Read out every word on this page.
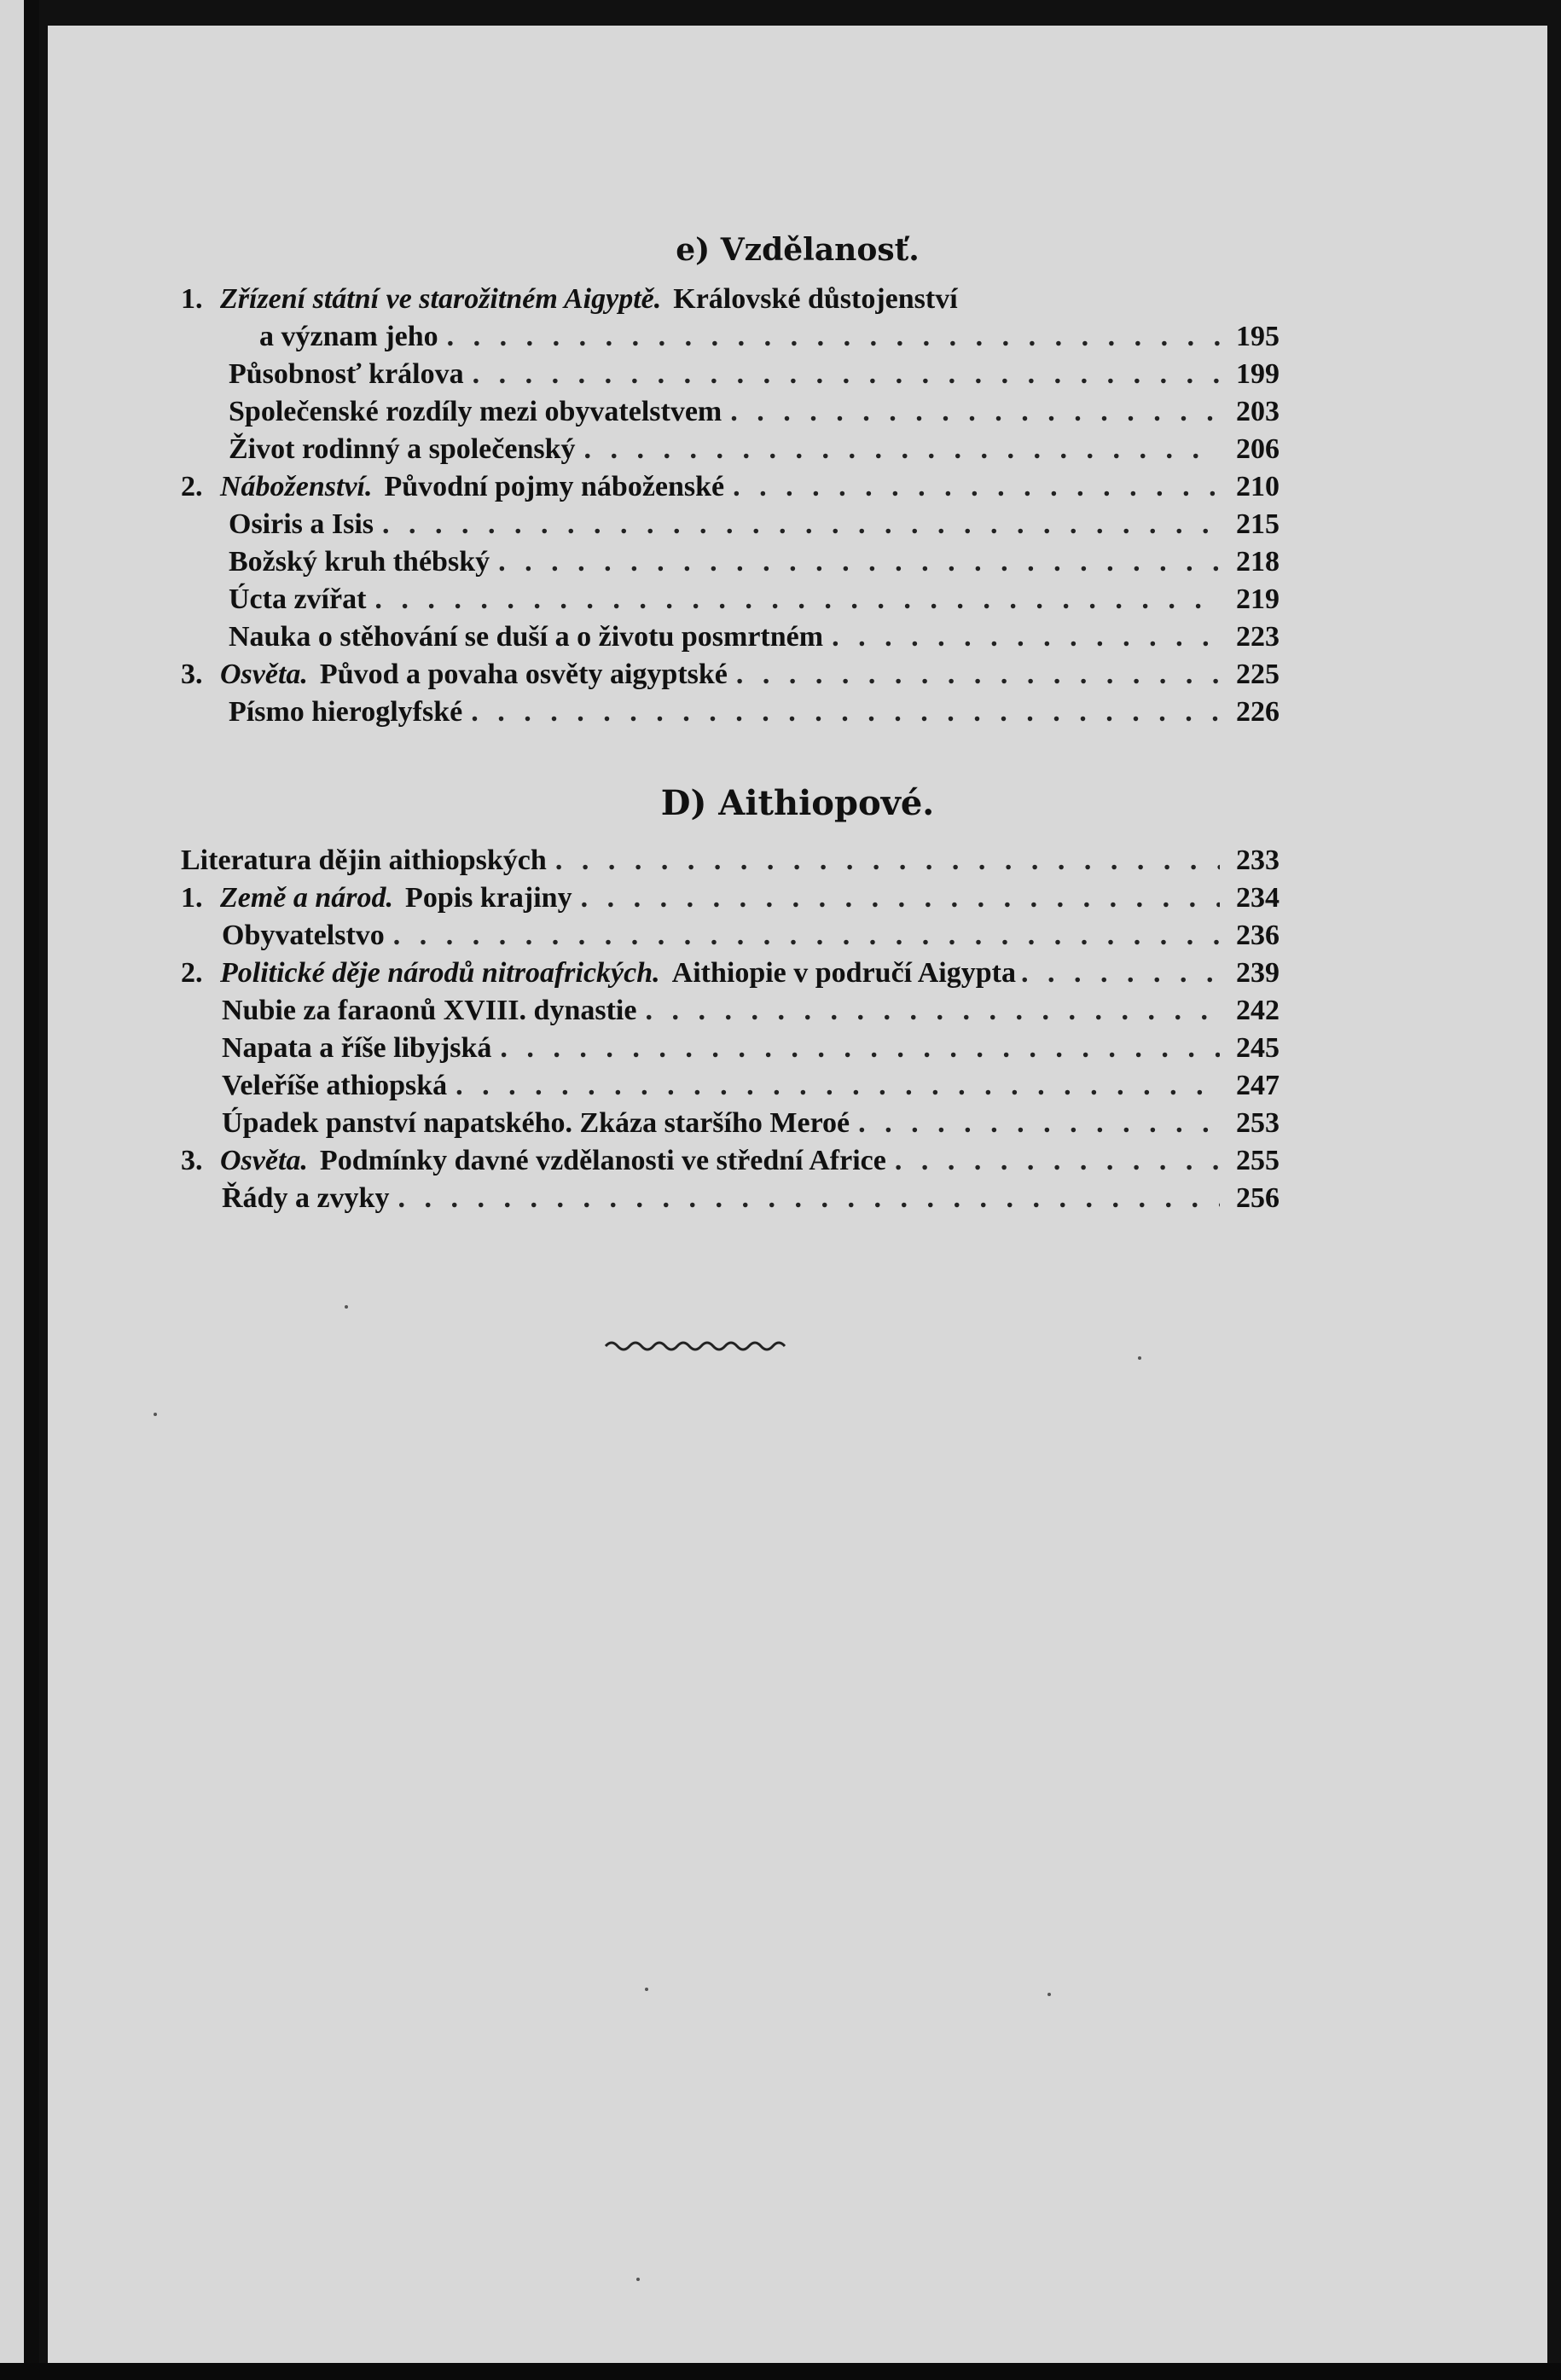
e) Vzdělanosť.
1. Zřízení státní ve starožitném Aigyptě. Královské důstojenství
a význam jeho . . .	195
Působnosť králova . . .	199
Společenské rozdíly mezi obyvatelstvem . . .	203
Život rodinný a společenský . . .	206
2. Náboženství. Původní pojmy náboženské . . .	210
Osiris a Isis . . .	215
Božský kruh thébský . . .	218
Úcta zvířat . . .	219
Nauka o stěhování se duší a o životu posmrtném . . .	223
3. Osvěta. Původ a povaha osvěty aigyptské . . .	225
Písmo hieroglyfské . . .	226
D) Aithiopové.
Literatura dějin aithiopských . . .	233
1. Země a národ. Popis krajiny . . .	234
Obyvatelstvo . . .	236
2. Politické děje národů nitroafrických. Aithiopie v područí Aigypta . . .	239
Nubie za faraonů XVIII. dynastie . . .	242
Napata a říše libyjská . . .	245
Veleříše athiopská . . .	247
Úpadek panství napatského. Zkáza staršího Meroé . . .	253
3. Osvěta. Podmínky davné vzdělanosti ve střední Africe . . .	255
Řády a zvyky . . .	256
